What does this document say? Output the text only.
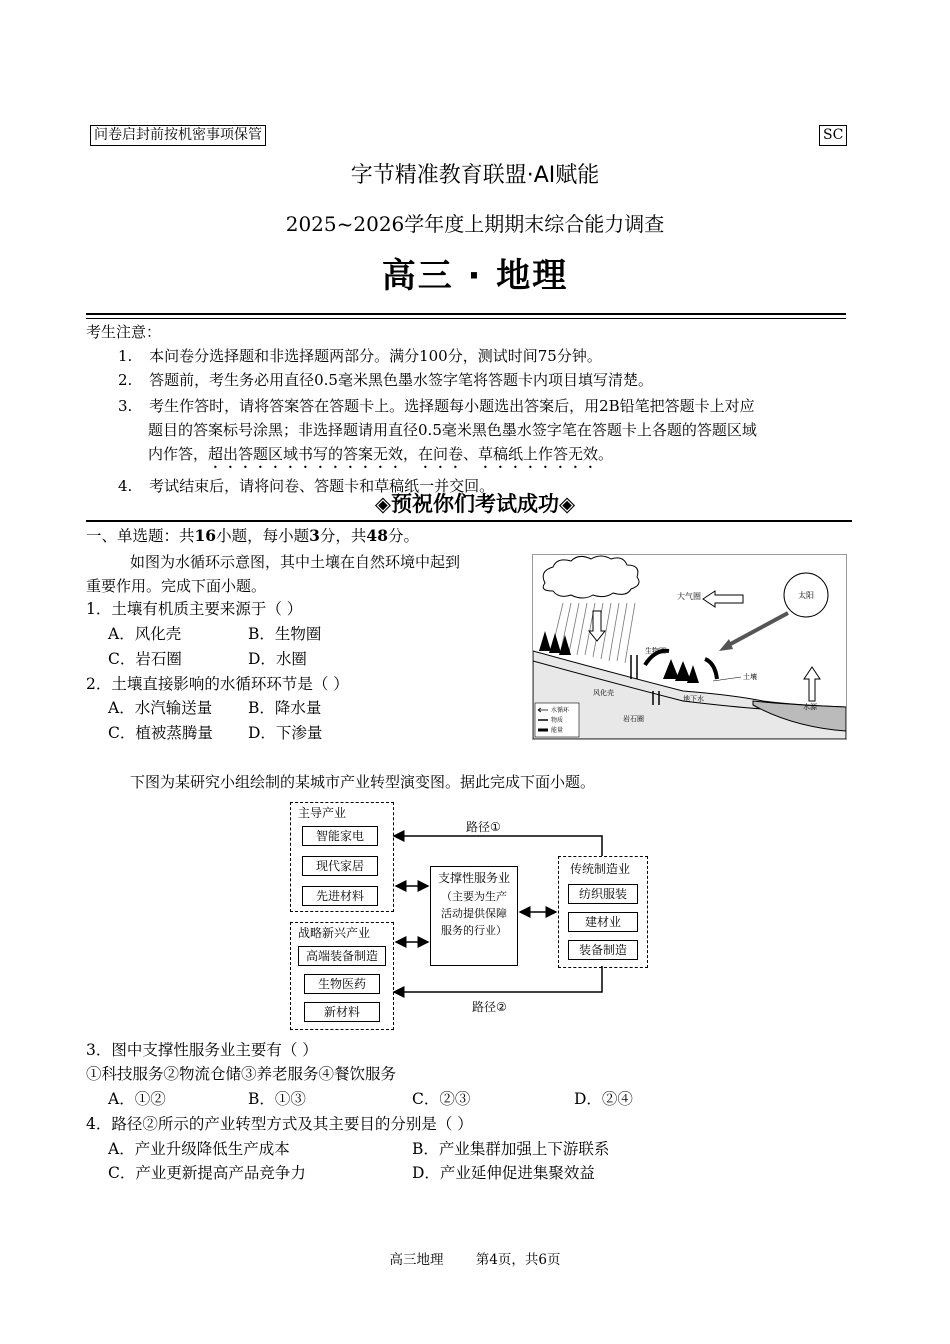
问卷启封前按机密事项保管	SC
字节精准教育联盟·AI赋能
2025~2026学年度上期期末综合能力调查
高三 · 地理
考生注意：
1. 本问卷分选择题和非选择题两部分。满分100分，测试时间75分钟。
2. 答题前，考生务必用直径0.5毫米黑色墨水签字笔将答题卡内项目填写清楚。
3. 考生作答时，请将答案答在答题卡上。选择题每小题选出答案后，用2B铅笔把答题卡上对应
题目的答案标号涂黑；非选择题请用直径0.5毫米黑色墨水签字笔在答题卡上各题的答题区域
内作答，超出答题区域书写的答案无效，在问卷、草稿纸上作答无效。
4. 考试结束后，请将问卷、答题卡和草稿纸一并交回。
◈预祝你们考试成功◈
一、单选题：共16小题，每小题3分，共48分。
如图为水循环示意图，其中土壤在自然环境中起到
重要作用。完成下面小题。
1．土壤有机质主要来源于（ ）
A．风化壳	B．生物圈
C．岩石圈	D．水圈
2．土壤直接影响的水循环环节是（ ）
A．水汽输送量 B．降水量
C．植被蒸腾量 D．下渗量
大气圈	太阳
生物圈
土壤
风化壳
地下水
水源
岩石圈
水循环
物质
能量
下图为某研究小组绘制的某城市产业转型演变图。据此完成下面小题。
主导产业
智能家电
现代家居
先进材料
战略新兴产业
高端装备制造
生物医药
新材料
支撑性服务业
（主要为生产
活动提供保障
服务的行业）
传统制造业
纺织服装
建材业
装备制造
路径①
路径②
3．图中支撑性服务业主要有（ ）
①科技服务②物流仓储③养老服务④餐饮服务
A．①②	B．①③	C．②③	D．②④
4．路径②所示的产业转型方式及其主要目的分别是（ ）
A．产业升级降低生产成本	B．产业集群加强上下游联系
C．产业更新提高产品竞争力	D．产业延伸促进集聚效益
高三地理 第4页，共6页
